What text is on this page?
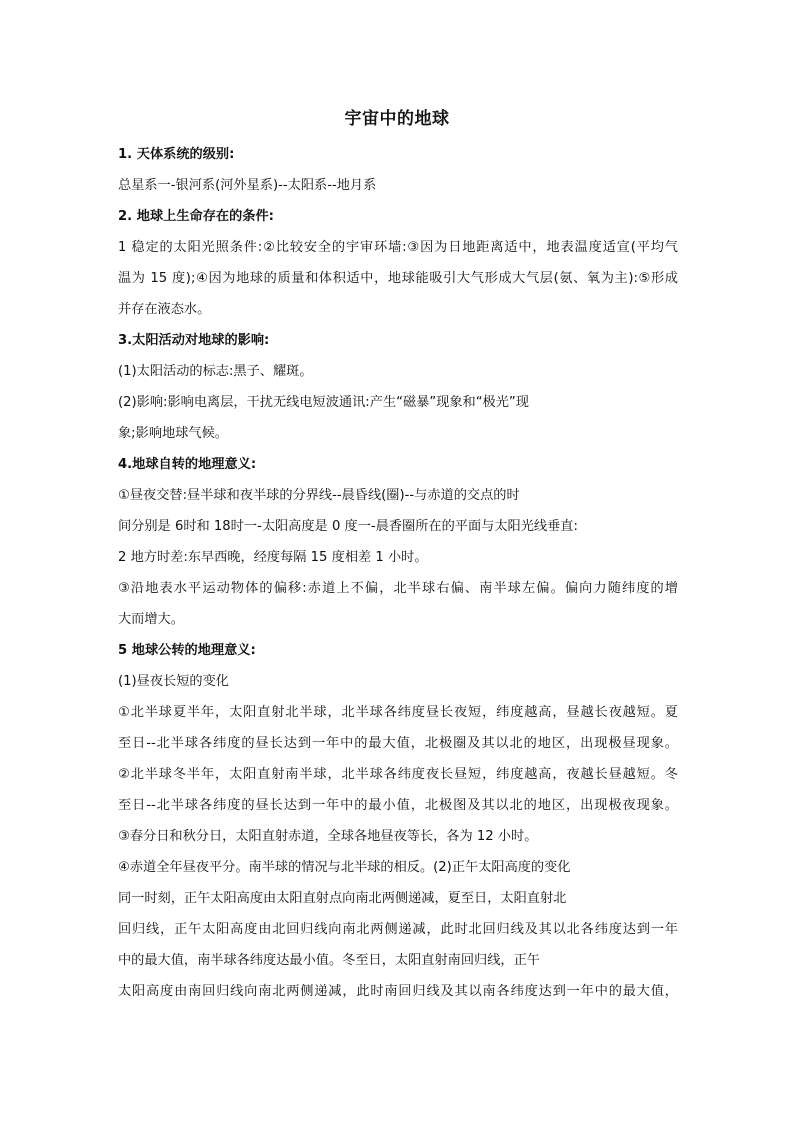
宇宙中的地球
1. 天体系统的级别:
总星系一-银河系(河外星系)--太阳系--地月系
2. 地球上生命存在的条件:
1 稳定的太阳光照条件:②比较安全的宇审环墙:③因为日地距离适中，地表温度适宣(平均气
温为 15 度);④因为地球的质量和体积适中，地球能吸引大气形成大气层(氨、氧为主):⑤形成
并存在液态水。
3.太阳活动对地球的影响:
(1)太阳活动的标志:黑子、耀斑。
(2)影响:影响电离层，干扰无线电短波通讯:产生“磁暴”现象和“极光”现
象;影响地球气候。
4.地球自转的地理意义:
①昼夜交替:昼半球和夜半球的分界线--晨昏线(圈)--与赤道的交点的时
间分别是 6时和 18时一-太阳高度是 0 度一-晨香圈所在的平面与太阳光线垂直:
2 地方时差:东早西晚，经度每隔 15 度相差 1 小时。
③沿地表水平运动物体的偏移:赤道上不偏，北半球右偏、南半球左偏。偏向力随纬度的增
大而增大。
5 地球公转的地理意义:
(1)昼夜长短的变化
①北半球夏半年，太阳直射北半球，北半球各纬度昼长夜短，纬度越高，昼越长夜越短。夏
至日--北半球各纬度的昼长达到一年中的最大值，北极圈及其以北的地区，出现极昼现象。
②北半球冬半年，太阳直射南半球，北半球各纬度夜长昼短，纬度越高，夜越长昼越短。冬
至日--北半球各纬度的昼长达到一年中的最小值，北极图及其以北的地区，出现极夜现象。
③春分日和秋分日，太阳直射赤道，全球各地昼夜等长，各为 12 小时。
④赤道全年昼夜平分。南半球的情况与北半球的相反。(2)正午太阳高度的变化
同一时刻，正午太阳高度由太阳直射点向南北两侧递减，夏至日，太阳直射北
回归线，正午太阳高度由北回归线向南北两侧递减，此时北回归线及其以北各纬度达到一年
中的最大值，南半球各纬度达最小值。冬至日，太阳直射南回归线，正午
太阳高度由南回归线向南北两侧递减，此时南回归线及其以南各纬度达到一年中的最大值，
